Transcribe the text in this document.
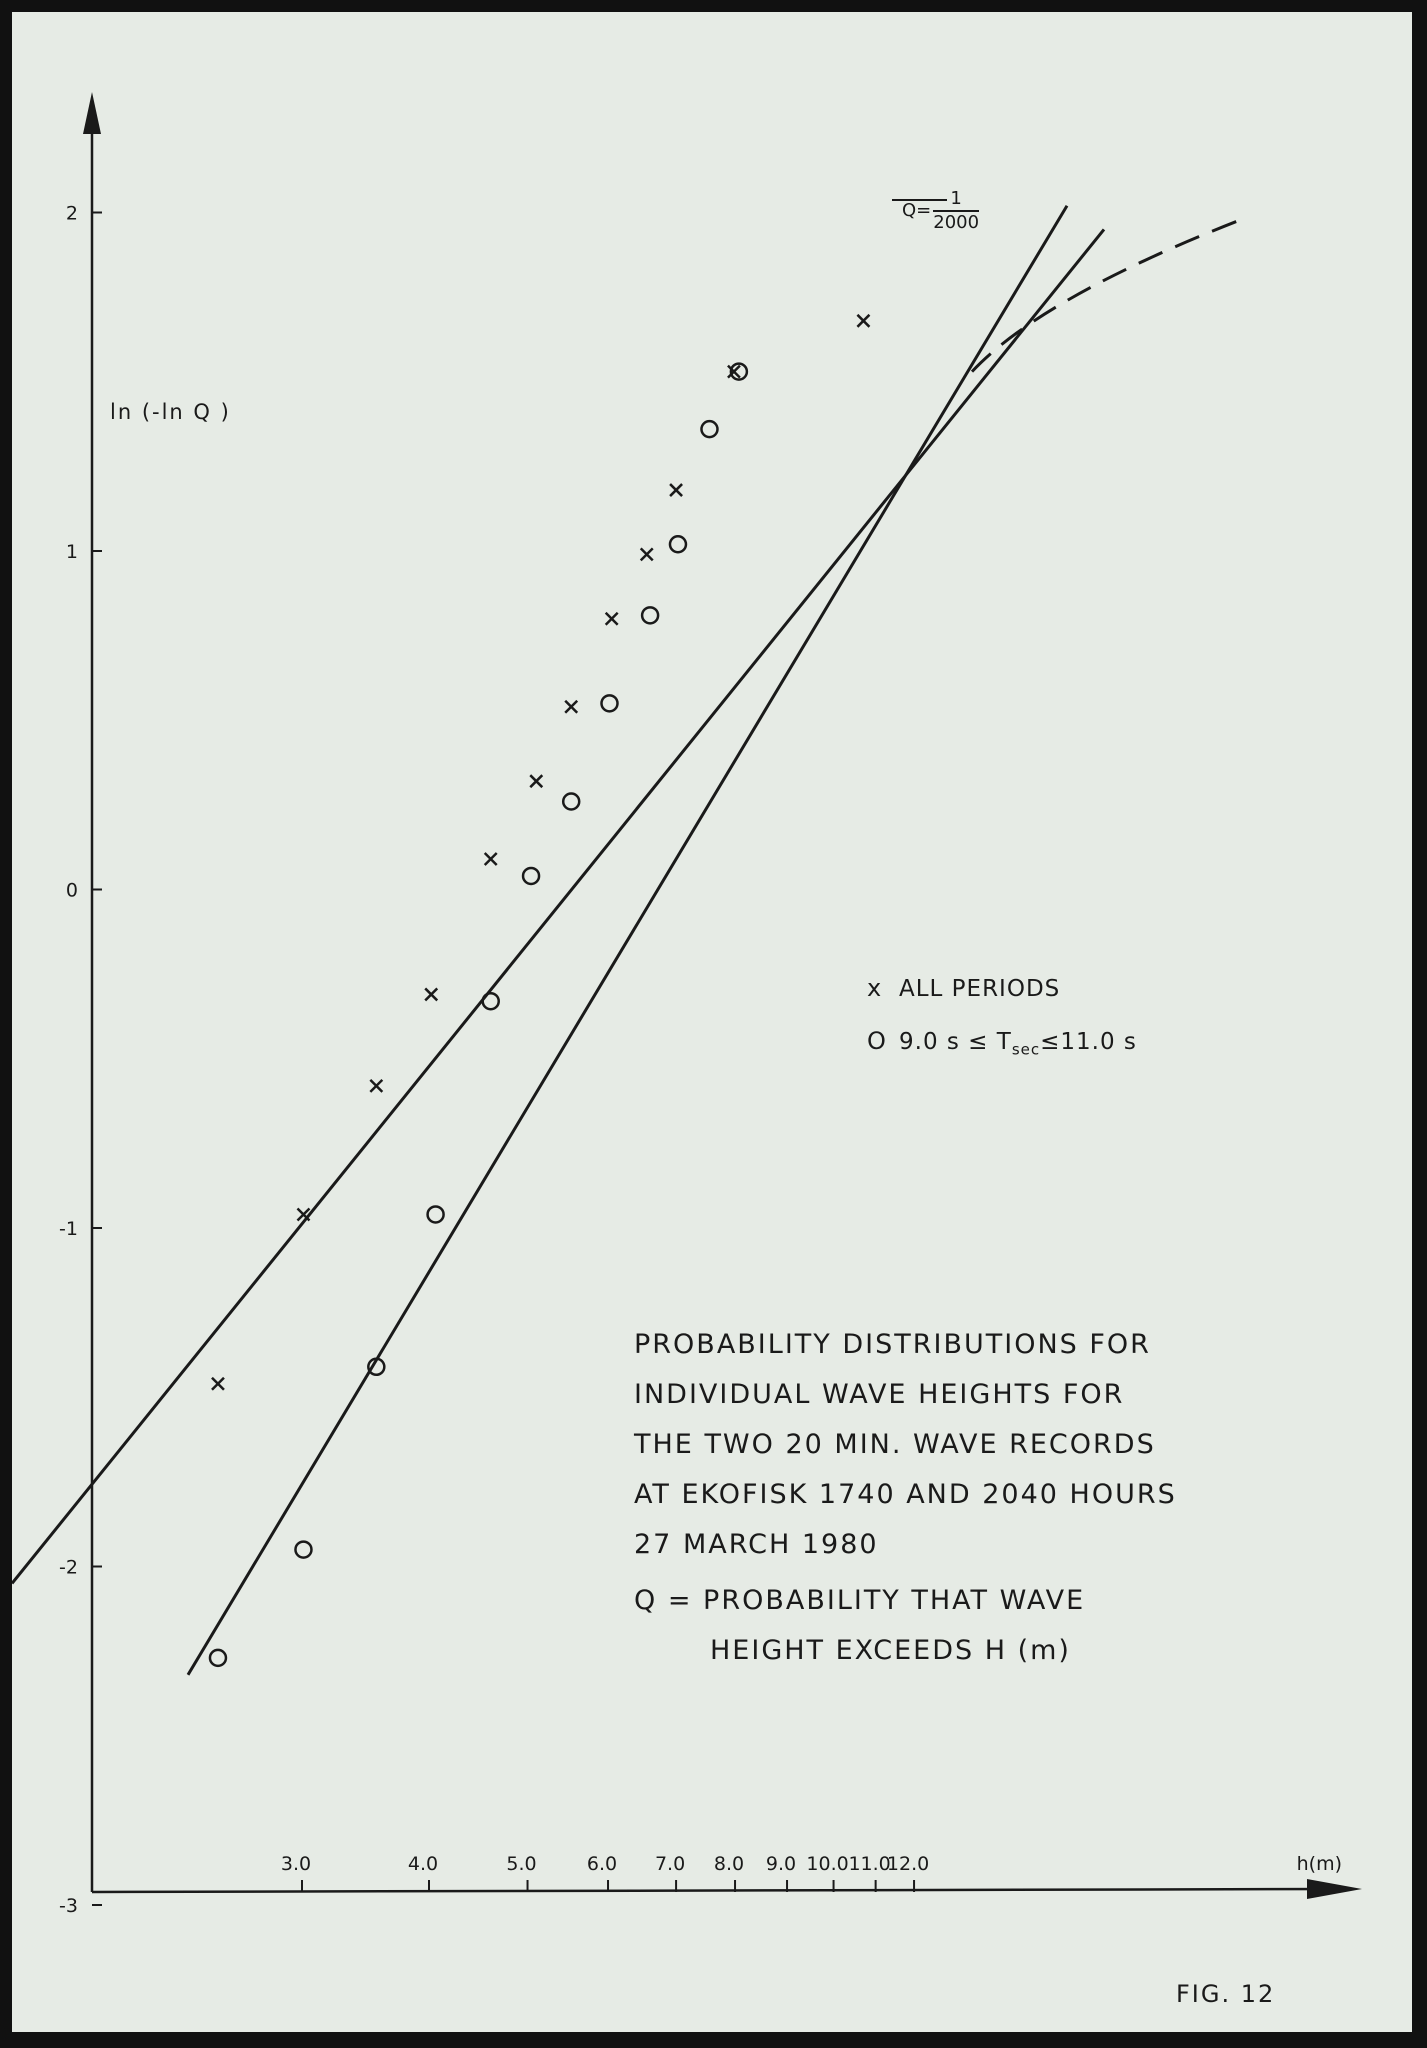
2
1
0
-1
-2
-3
3.0	4.0	5.0	6.0 7.0 8.0 9.0 10.0 11.0
12.0	h(m)
ln (-ln Q )
$Q= \frac{1}{2000}$
x ALL PERIODS
O 9.0 $s \le T_{sec}\le 11.0$ s
PROBABILITY DISTRIBUTIONS FOR
INDIVIDUAL WAVE HEIGHTS FOR
THE TWO 20 MIN. WAVE RECORDS
AT EKOFISK 1740 AND 2040 HOURS
27 MARCH 1980
Q = PROBABILITY THAT WAVE
HEIGHT EXCEEDS H (m)
FIG. 12
